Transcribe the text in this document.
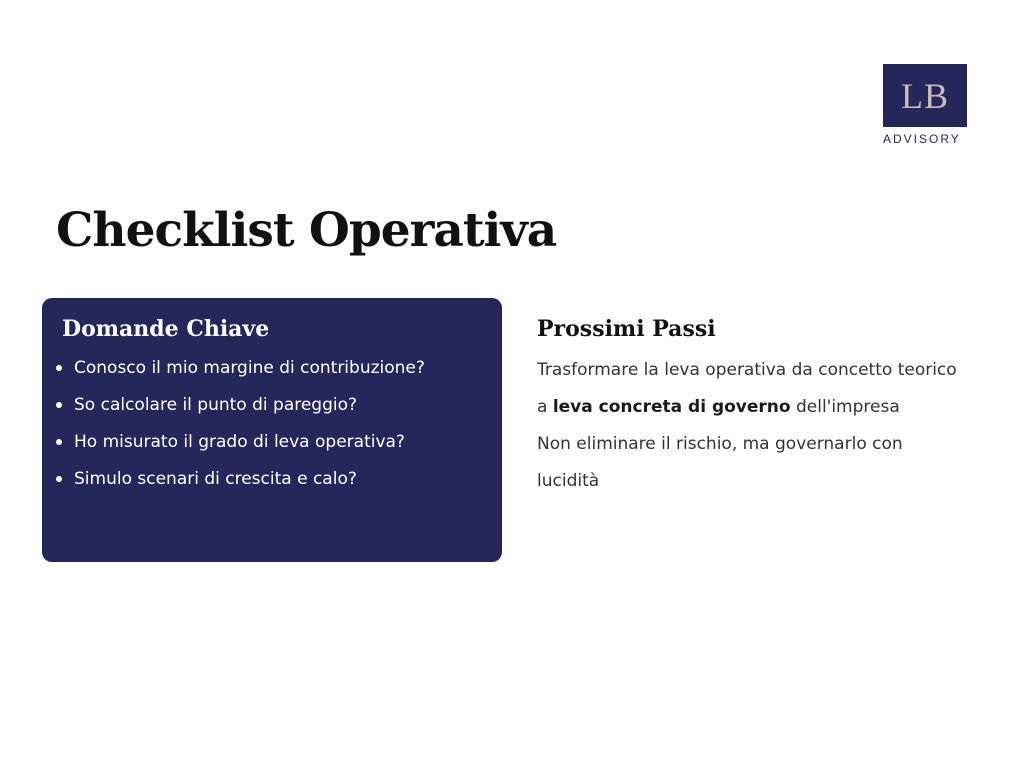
LB
ADVISORY
Checklist Operativa
Domande Chiave
Conosco il mio margine di contribuzione?
So calcolare il punto di pareggio?
Ho misurato il grado di leva operativa?
Simulo scenari di crescita e calo?
Prossimi Passi

Trasformare la leva operativa da concetto teorico a leva concreta di governo dell'impresa

Non eliminare il rischio, ma governarlo con lucidità
